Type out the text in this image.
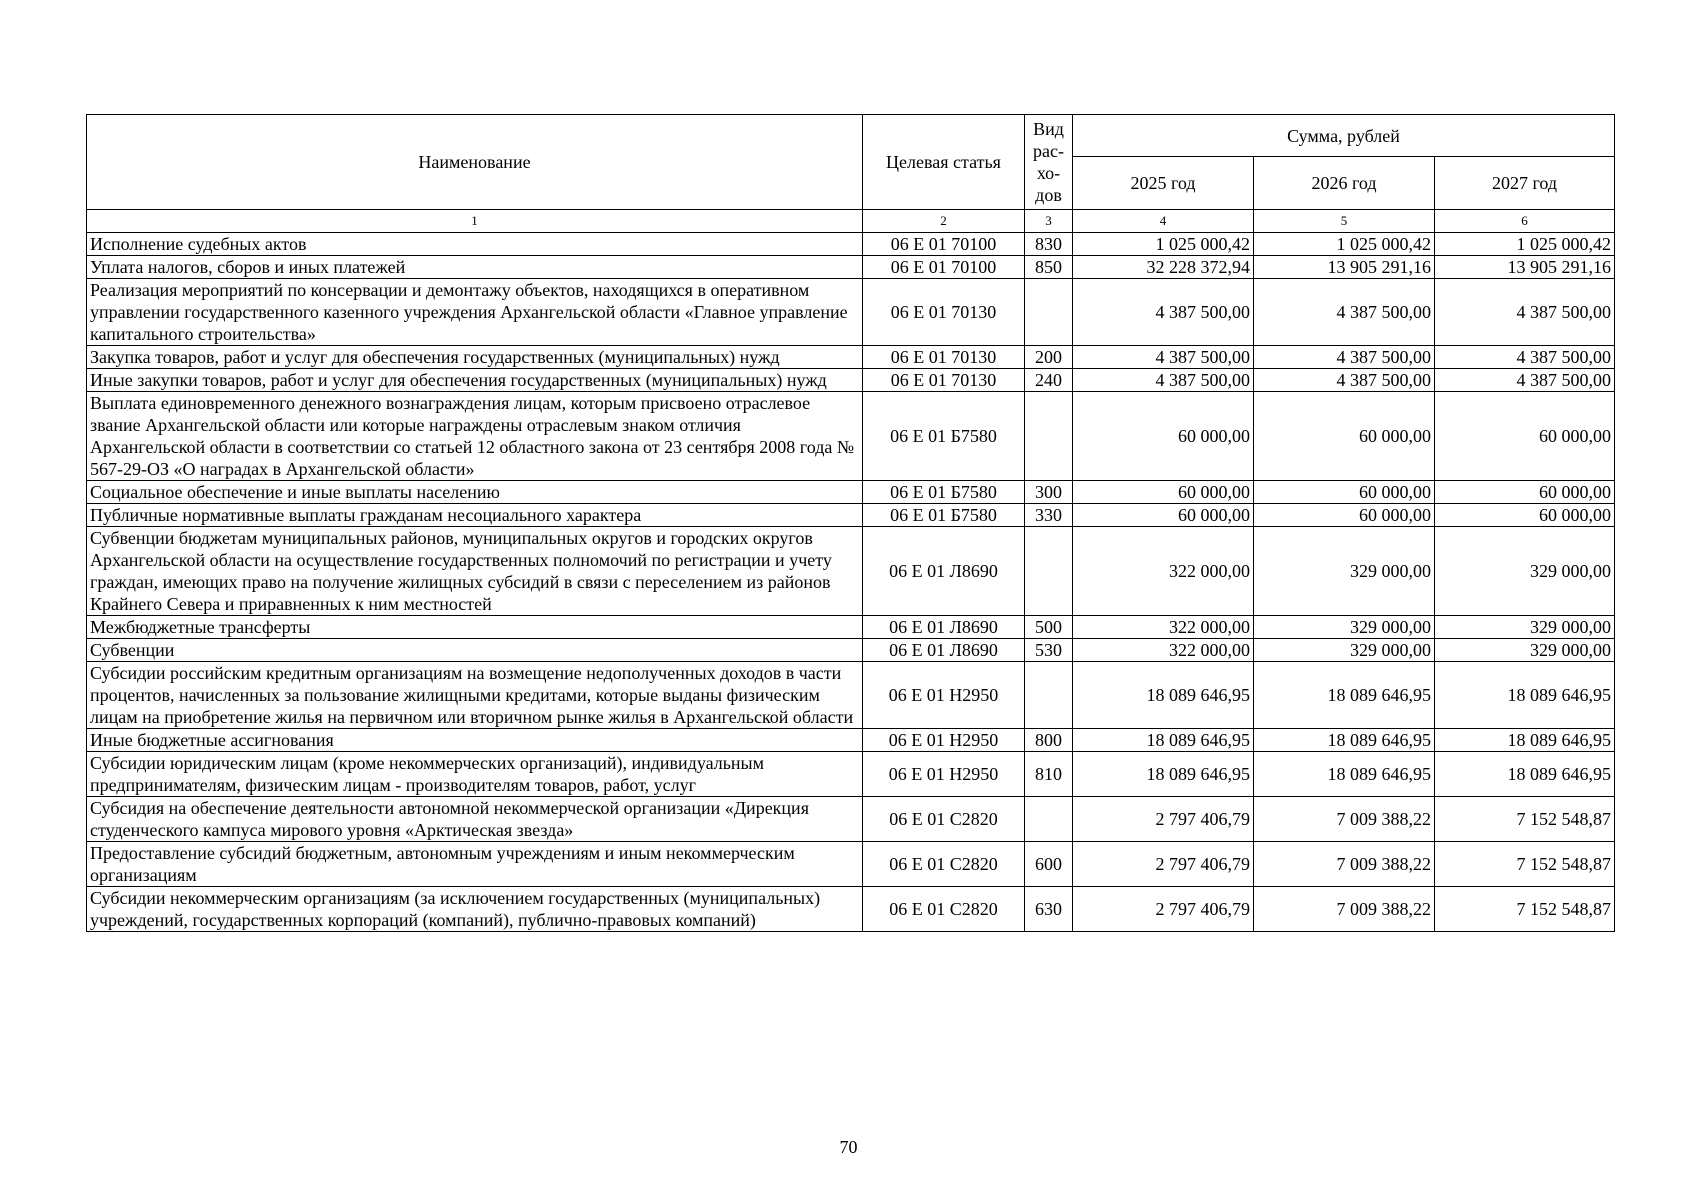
Наименование	Целевая статья	Вид рас-хо-дов	Сумма, рублей		
			2025 год	2026 год	2027 год
1	2	3	4	5	6
Исполнение судебных актов	06 Е 01 70100	830	1 025 000,42	1 025 000,42	1 025 000,42
Уплата налогов, сборов и иных платежей	06 Е 01 70100	850	32 228 372,94	13 905 291,16	13 905 291,16
Реализация мероприятий по консервации и демонтажу объектов, находящихся в оперативном управлении государственного казенного учреждения Архангельской области «Главное управление капитального строительства»	06 Е 01 70130		4 387 500,00	4 387 500,00	4 387 500,00
Закупка товаров, работ и услуг для обеспечения государственных (муниципальных) нужд	06 Е 01 70130	200	4 387 500,00	4 387 500,00	4 387 500,00
Иные закупки товаров, работ и услуг для обеспечения государственных (муниципальных) нужд	06 Е 01 70130	240	4 387 500,00	4 387 500,00	4 387 500,00
Выплата единовременного денежного вознаграждения лицам, которым присвоено отраслевое звание Архангельской области или которые награждены отраслевым знаком отличия Архангельской области в соответствии со статьей 12 областного закона от 23 сентября 2008 года № 567-29-ОЗ «О наградах в Архангельской области»	06 Е 01 Б7580		60 000,00	60 000,00	60 000,00
Социальное обеспечение и иные выплаты населению	06 Е 01 Б7580	300	60 000,00	60 000,00	60 000,00
Публичные нормативные выплаты гражданам несоциального характера	06 Е 01 Б7580	330	60 000,00	60 000,00	60 000,00
Субвенции бюджетам муниципальных районов, муниципальных округов и городских округов Архангельской области на осуществление государственных полномочий по регистрации и учету граждан, имеющих право на получение жилищных субсидий в связи с переселением из районов Крайнего Севера и приравненных к ним местностей	06 Е 01 Л8690		322 000,00	329 000,00	329 000,00
Межбюджетные трансферты	06 Е 01 Л8690	500	322 000,00	329 000,00	329 000,00
Субвенции	06 Е 01 Л8690	530	322 000,00	329 000,00	329 000,00
Субсидии российским кредитным организациям на возмещение недополученных доходов в части процентов, начисленных за пользование жилищными кредитами, которые выданы физическим лицам на приобретение жилья на первичном или вторичном рынке жилья в Архангельской области	06 Е 01 Н2950		18 089 646,95	18 089 646,95	18 089 646,95
Иные бюджетные ассигнования	06 Е 01 Н2950	800	18 089 646,95	18 089 646,95	18 089 646,95
Субсидии юридическим лицам (кроме некоммерческих организаций), индивидуальным предпринимателям, физическим лицам - производителям товаров, работ, услуг	06 Е 01 Н2950	810	18 089 646,95	18 089 646,95	18 089 646,95
Субсидия на обеспечение деятельности автономной некоммерческой организации «Дирекция студенческого кампуса мирового уровня «Арктическая звезда»	06 Е 01 С2820		2 797 406,79	7 009 388,22	7 152 548,87
Предоставление субсидий бюджетным, автономным учреждениям и иным некоммерческим организациям	06 Е 01 С2820	600	2 797 406,79	7 009 388,22	7 152 548,87
Субсидии некоммерческим организациям (за исключением государственных (муниципальных) учреждений, государственных корпораций (компаний), публично-правовых компаний)	06 Е 01 С2820	630	2 797 406,79	7 009 388,22	7 152 548,87
70
